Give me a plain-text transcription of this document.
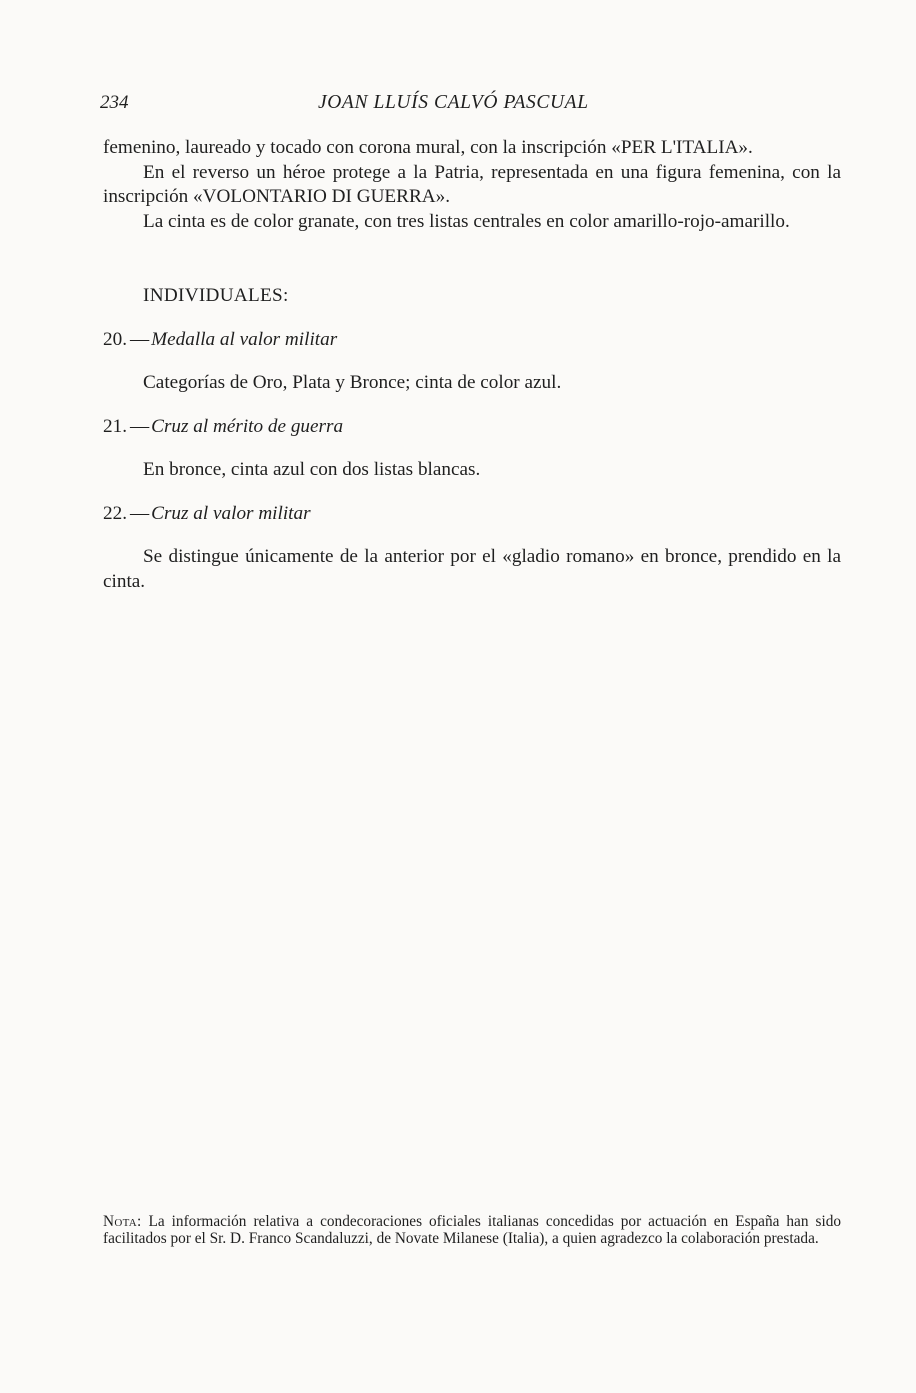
234	JOAN LLUÍS CALVÓ PASCUAL

femenino, laureado y tocado con corona mural, con la inscripción «PER L'ITALIA».

En el reverso un héroe protege a la Patria, representada en una figura femenina, con la inscripción «VOLONTARIO DI GUERRA».

La cinta es de color granate, con tres listas centrales en color amarillo-rojo-amarillo.

INDIVIDUALES:

20. — Medalla al valor militar

Categorías de Oro, Plata y Bronce; cinta de color azul.

21. — Cruz al mérito de guerra

En bronce, cinta azul con dos listas blancas.

22. — Cruz al valor militar

Se distingue únicamente de la anterior por el «gladio romano» en bronce, prendido en la cinta.

Nota: La información relativa a condecoraciones oficiales italianas concedidas por actuación en España han sido facilitados por el Sr. D. Franco Scandaluzzi, de Novate Milanese (Italia), a quien agradezco la colaboración prestada.
